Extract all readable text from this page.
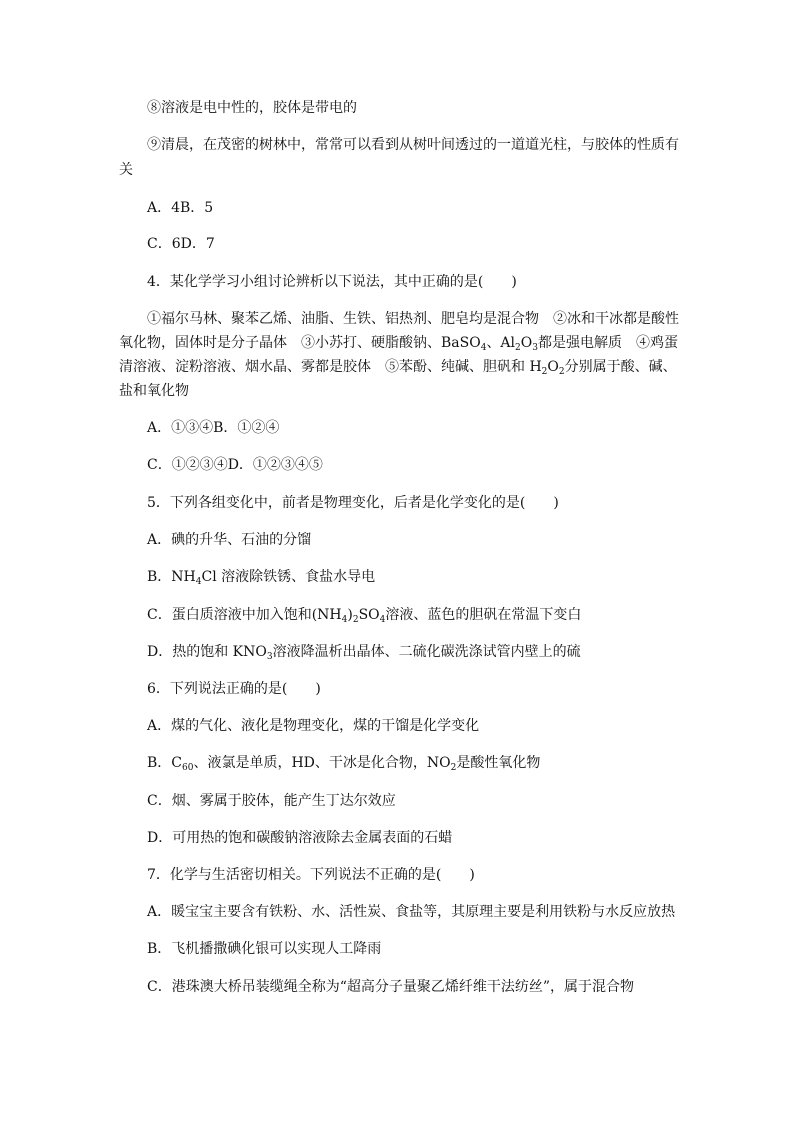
⑧溶液是电中性的，胶体是带电的
⑨清晨，在茂密的树林中，常常可以看到从树叶间透过的一道道光柱，与胶体的性质有
关
A．4B．5
C．6D．7
4．某化学学习小组讨论辨析以下说法，其中正确的是(　　)
①福尔马林、聚苯乙烯、油脂、生铁、铝热剂、肥皂均是混合物　②冰和干冰都是酸性
氧化物，固体时是分子晶体　③小苏打、硬脂酸钠、BaSO$_4$、$Al_2O_3$都是强电解质　④鸡蛋
清溶液、淀粉溶液、烟水晶、雾都是胶体　⑤苯酚、纯碱、胆矾和 $H_2O_2$分别属于酸、碱、
盐和氧化物
A．①③④B．①②④
C．①②③④D．①②③④⑤
5．下列各组变化中，前者是物理变化，后者是化学变化的是(　　)
A．碘的升华、石油的分馏
B．$NH_4Cl$ 溶液除铁锈、食盐水导电
C．蛋白质溶液中加入饱和$(NH_4)_2SO_4$溶液、蓝色的胆矾在常温下变白
D．热的饱和 $KNO_3$溶液降温析出晶体、二硫化碳洗涤试管内壁上的硫
6．下列说法正确的是(　　)
A．煤的气化、液化是物理变化，煤的干馏是化学变化
B．$C_{60}$、液氯是单质，HD、干冰是化合物，$NO_2$是酸性氧化物
C．烟、雾属于胶体，能产生丁达尔效应
D．可用热的饱和碳酸钠溶液除去金属表面的石蜡
7．化学与生活密切相关。下列说法不正确的是(　　)
A．暖宝宝主要含有铁粉、水、活性炭、食盐等，其原理主要是利用铁粉与水反应放热
B．飞机播撒碘化银可以实现人工降雨
C．港珠澳大桥吊装缆绳全称为“超高分子量聚乙烯纤维干法纺丝”，属于混合物
